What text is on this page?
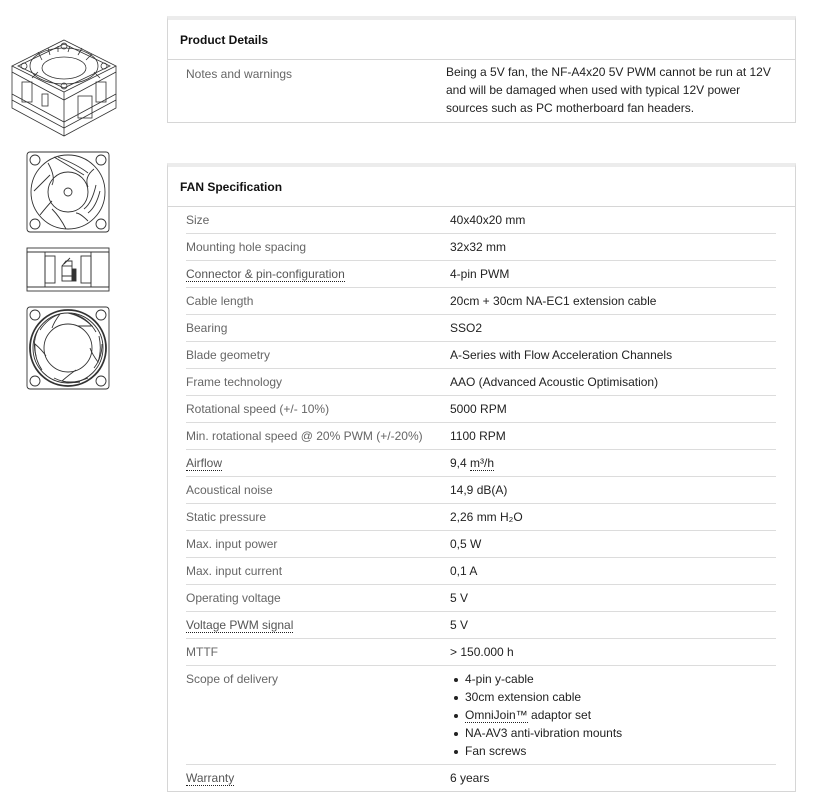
Product Details
Notes and warnings	Being a 5V fan, the NF-A4x20 5V PWM cannot be run at 12V and will be damaged when used with typical 12V power sources such as PC motherboard fan headers.
FAN Specification
Size	40x40x20 mm
Mounting hole spacing	32x32 mm
Connector & pin-configuration	4-pin PWM
Cable length	20cm + 30cm NA-EC1 extension cable
Bearing	SSO2
Blade geometry	A-Series with Flow Acceleration Channels
Frame technology	AAO (Advanced Acoustic Optimisation)
Rotational speed (+/- 10%)	5000 RPM
Min. rotational speed @ 20% PWM (+/-20%)	1100 RPM
Airflow	9,4 m³/h
Acoustical noise	14,9 dB(A)
Static pressure	2,26 mm H₂O
Max. input power	0,5 W
Max. input current	0,1 A
Operating voltage	5 V
Voltage PWM signal	5 V
MTTF	> 150.000 h
Scope of delivery	4-pin y-cable
30cm extension cable
OmniJoin™ adaptor set
NA-AV3 anti-vibration mounts
Fan screws
Warranty	6 years
